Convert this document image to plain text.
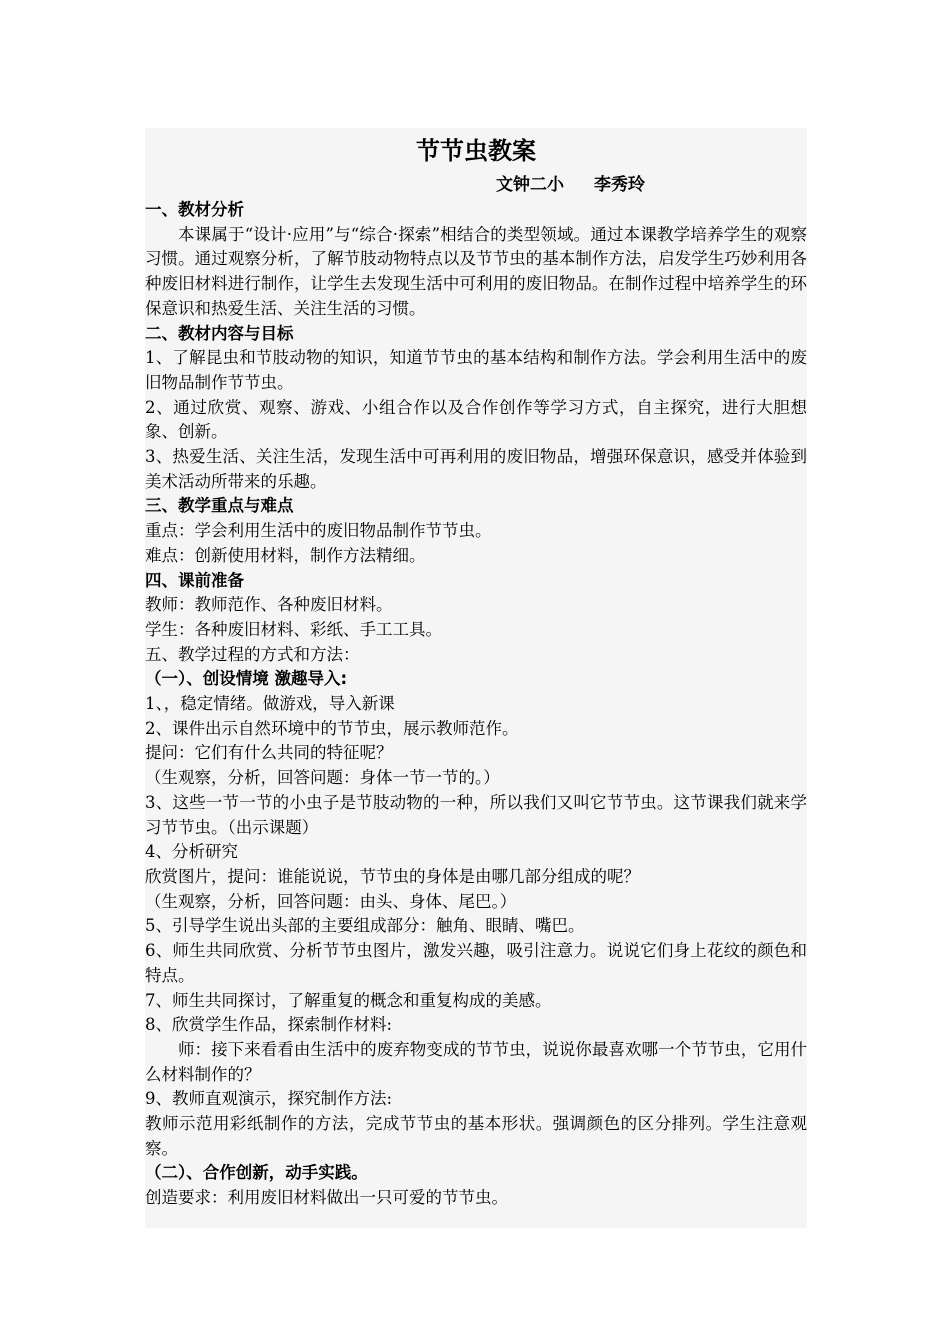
节节虫教案
文钟二小 李秀玲
一、教材分析

本课属于“设计·应用”与“综合·探索”相结合的类型领域。通过本课教学培养学生的观察习惯。通过观察分析，了解节肢动物特点以及节节虫的基本制作方法，启发学生巧妙利用各种废旧材料进行制作，让学生去发现生活中可利用的废旧物品。在制作过程中培养学生的环保意识和热爱生活、关注生活的习惯。

二、教材内容与目标

1、了解昆虫和节肢动物的知识，知道节节虫的基本结构和制作方法。学会利用生活中的废旧物品制作节节虫。

2、通过欣赏、观察、游戏、小组合作以及合作创作等学习方式，自主探究，进行大胆想象、创新。

3、热爱生活、关注生活，发现生活中可再利用的废旧物品，增强环保意识，感受并体验到美术活动所带来的乐趣。

三、教学重点与难点

重点：学会利用生活中的废旧物品制作节节虫。

难点：创新使用材料，制作方法精细。

四、课前准备

教师：教师范作、各种废旧材料。

学生：各种废旧材料、彩纸、手工工具。

五、教学过程的方式和方法：

（一）、创设情境 激趣导入:

1、，稳定情绪。做游戏，导入新课

2、课件出示自然环境中的节节虫，展示教师范作。

提问：它们有什么共同的特征呢？

（生观察，分析，回答问题：身体一节一节的。）

3、这些一节一节的小虫子是节肢动物的一种，所以我们又叫它节节虫。这节课我们就来学习节节虫。（出示课题）

4、分析研究

欣赏图片，提问：谁能说说，节节虫的身体是由哪几部分组成的呢？

（生观察，分析，回答问题：由头、身体、尾巴。）

5、引导学生说出头部的主要组成部分：触角、眼睛、嘴巴。

6、师生共同欣赏、分析节节虫图片，激发兴趣，吸引注意力。说说它们身上花纹的颜色和特点。

7、师生共同探讨，了解重复的概念和重复构成的美感。

8、欣赏学生作品，探索制作材料:

师：接下来看看由生活中的废弃物变成的节节虫，说说你最喜欢哪一个节节虫，它用什么材料制作的？

9、教师直观演示，探究制作方法:

教师示范用彩纸制作的方法，完成节节虫的基本形状。强调颜色的区分排列。学生注意观察。

（二）、合作创新，动手实践。

创造要求：利用废旧材料做出一只可爱的节节虫。
